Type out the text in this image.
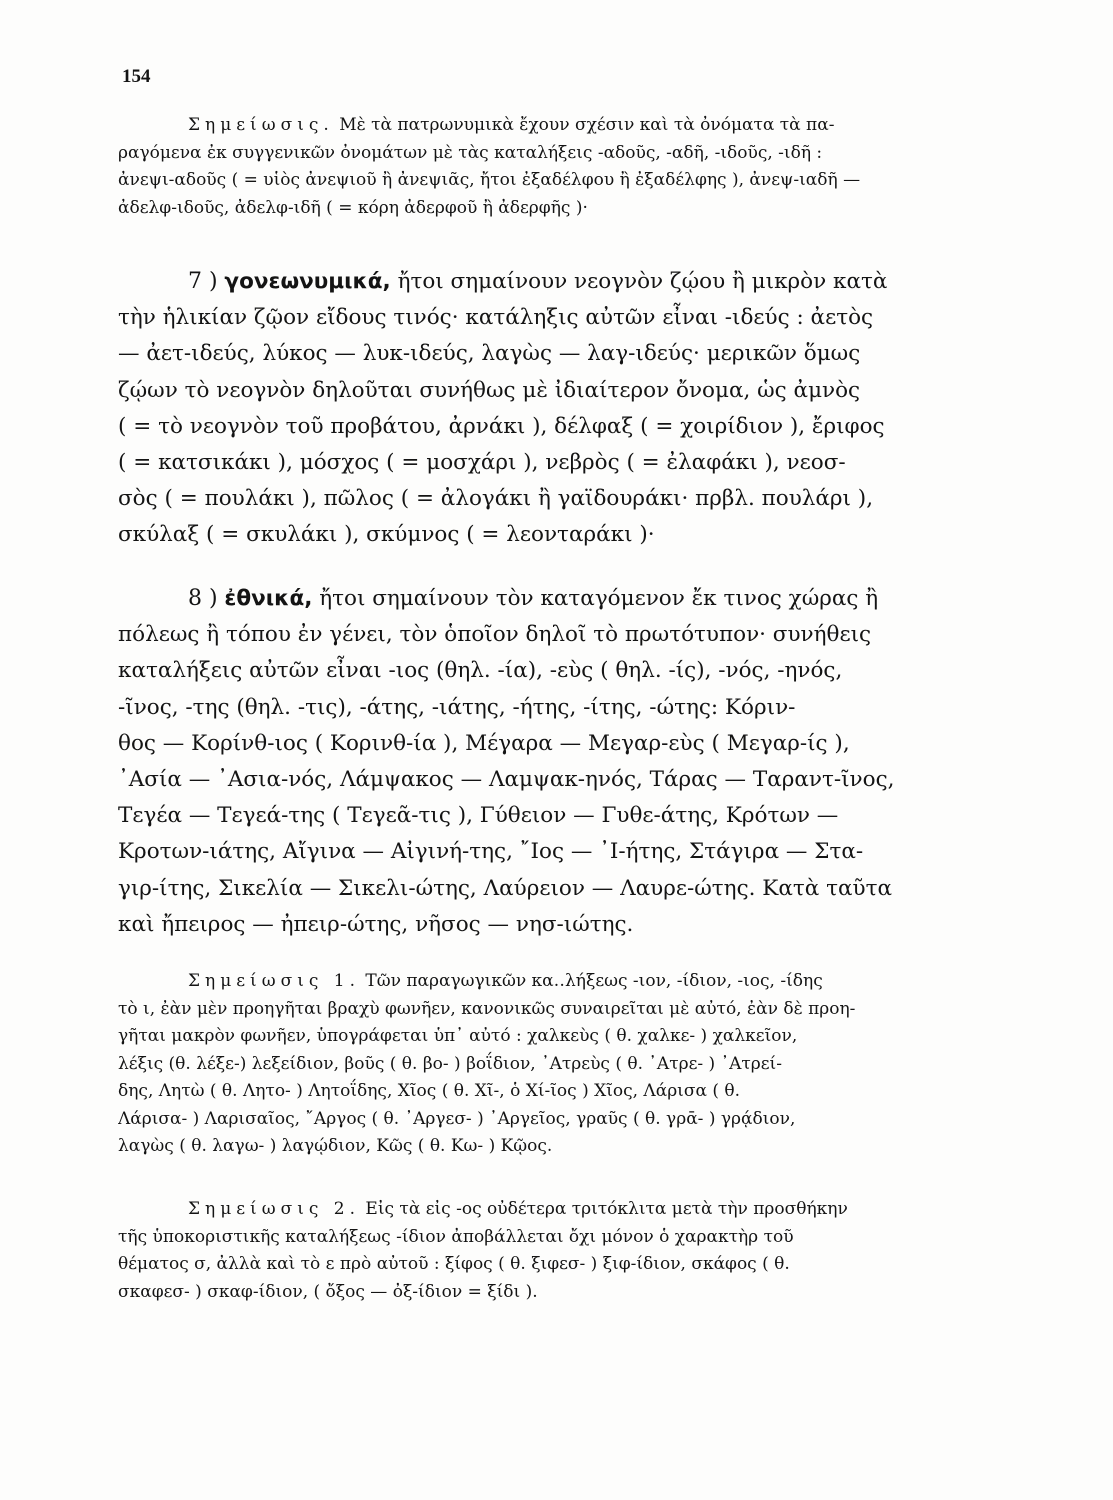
154
Σημείωσις. Μὲ τὰ πατρωνυμικὰ ἔχουν σχέσιν καὶ τὰ ὀνόματα τὰ πα-
ραγόμενα ἐκ συγγενικῶν ὀνομάτων μὲ τὰς καταλήξεις -αδοῦς, -αδῆ, -ιδοῦς, -ιδῆ :
ἀνεψι-αδοῦς ( = υἱὸς ἀνεψιοῦ ἢ ἀνεψιᾶς, ἤτοι ἐξαδέλφου ἢ ἐξαδέλφης ), ἀνεψ-ιαδῆ —
ἀδελφ-ιδοῦς, ἀδελφ-ιδῆ ( = κόρη ἀδερφοῦ ἢ ἀδερφῆς )·
7 ) γονεωνυμικά, ἤτοι σημαίνουν νεογνὸν ζῴου ἢ μικρὸν κατὰ
τὴν ἡλικίαν ζῷον εἴδους τινός· κατάληξις αὐτῶν εἶναι -ιδεύς : ἀετὸς
— ἀετ-ιδεύς, λύκος — λυκ-ιδεύς, λαγὼς — λαγ-ιδεύς· μερικῶν ὅμως
ζῴων τὸ νεογνὸν δηλοῦται συνήθως μὲ ἰδιαίτερον ὄνομα, ὡς ἀμνὸς
( = τὸ νεογνὸν τοῦ προβάτου, ἀρνάκι ), δέλφαξ ( = χοιρίδιον ), ἔριφος
( = κατσικάκι ), μόσχος ( = μοσχάρι ), νεβρὸς ( = ἐλαφάκι ), νεοσ-
σὸς ( = πουλάκι ), πῶλος ( = ἀλογάκι ἢ γαϊδουράκι· πρβλ. πουλάρι ),
σκύλαξ ( = σκυλάκι ), σκύμνος ( = λεονταράκι )·
8 ) ἐθνικά, ἤτοι σημαίνουν τὸν καταγόμενον ἔκ τινος χώρας ἢ
πόλεως ἢ τόπου ἐν γένει, τὸν ὁποῖον δηλοῖ τὸ πρωτότυπον· συνήθεις
καταλήξεις αὐτῶν εἶναι -ιος (θηλ. -ία), -εὺς ( θηλ. -ίς), -νός, -ηνός,
-ῖνος, -της (θηλ. -τις), -άτης, -ιάτης, -ήτης, -ίτης, -ώτης: Κόριν-
θος — Κορίνθ-ιος ( Κορινθ-ία ), Μέγαρα — Μεγαρ-εὺς ( Μεγαρ-ίς ),
᾿Ασία — ᾿Ασια-νός, Λάμψακος — Λαμψακ-ηνός, Τάρας — Ταραντ-ῖνος,
Τεγέα — Τεγεά-της ( Τεγεᾶ-τις ), Γύθειον — Γυθε-άτης, Κρότων —
Κροτων-ιάτης, Αἴγινα — Αἰγινή-της, ῎Ιος — ᾿Ι-ήτης, Στάγιρα — Στα-
γιρ-ίτης, Σικελία — Σικελι-ώτης, Λαύρειον — Λαυρε-ώτης. Κατὰ ταῦτα
καὶ ἤπειρος — ἠπειρ-ώτης, νῆσος — νησ-ιώτης.
Σημείωσις 1. Τῶν παραγωγικῶν κα‥λήξεως -ιον, -ίδιον, -ιος, -ίδης
τὸ ι, ἐὰν μὲν προηγῆται βραχὺ φωνῆεν, κανονικῶς συναιρεῖται μὲ αὐτό, ἐὰν δὲ προη-
γῆται μακρὸν φωνῆεν, ὑπογράφεται ὑπ᾿ αὐτό : χαλκεὺς ( θ. χαλκε- ) χαλκεῖον,
λέξις (θ. λέξε-) λεξείδιον, βοῦς ( θ. βο- ) βοΐδιον, ᾿Ατρεὺς ( θ. ᾿Ατρε- ) ᾿Ατρεί-
δης, Λητὼ ( θ. Λητο- ) Λητοΐδης, Χῖος ( θ. Χῖ-, ὁ Χί-ῖος ) Χῖος, Λάρισα ( θ.
Λάρισα- ) Λαρισαῖος, ῎Αργος ( θ. ᾿Αργεσ- ) ᾿Αργεῖος, γραῦς ( θ. γρᾱ- ) γρᾴδιον,
λαγὼς ( θ. λαγω- ) λαγῴδιον, Κῶς ( θ. Κω- ) Κῷος.
Σημείωσις 2. Εἰς τὰ εἰς -ος οὐδέτερα τριτόκλιτα μετὰ τὴν προσθήκην
τῆς ὑποκοριστικῆς καταλήξεως -ίδιον ἀποβάλλεται ὄχι μόνον ὁ χαρακτὴρ τοῦ
θέματος σ, ἀλλὰ καὶ τὸ ε πρὸ αὐτοῦ : ξίφος ( θ. ξιφεσ- ) ξιφ-ίδιον, σκάφος ( θ.
σκαφεσ- ) σκαφ-ίδιον, ( ὄξος — ὀξ-ίδιον = ξίδι ).
